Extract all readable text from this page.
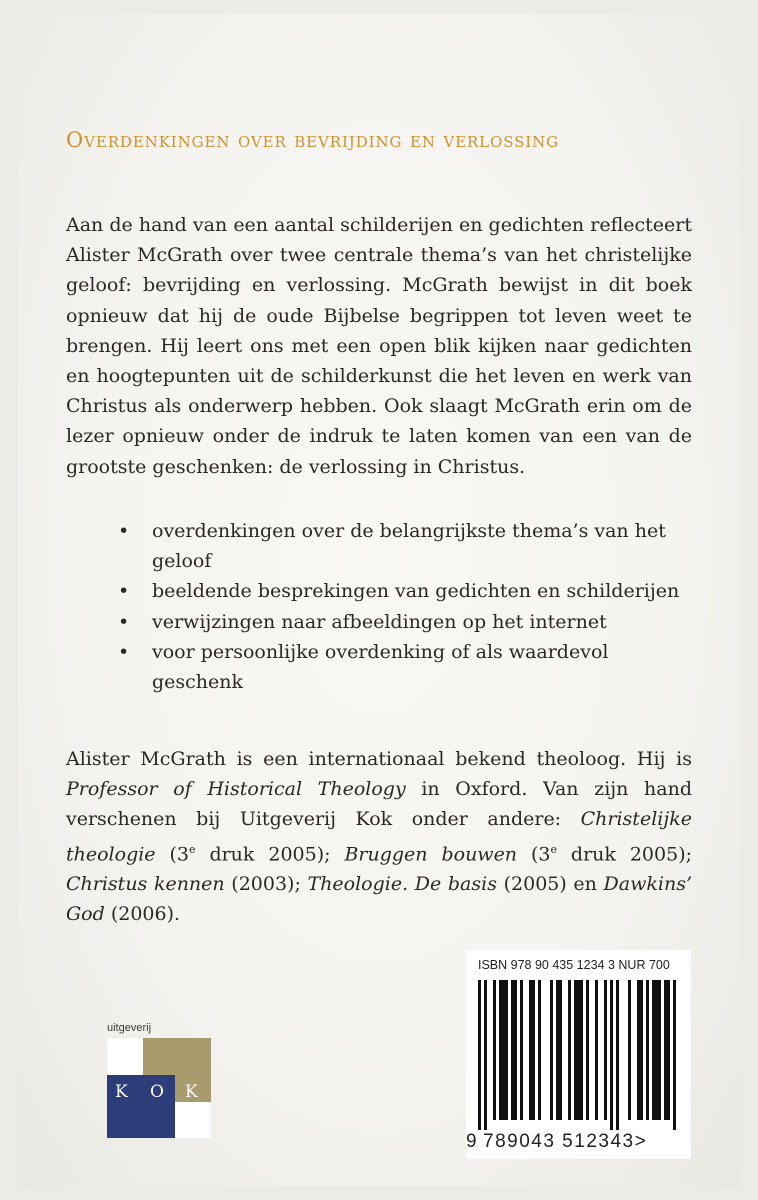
Overdenkingen over bevrijding en verlossing

Aan de hand van een aantal schilderijen en gedichten reflecteert Alister McGrath over twee centrale thema’s van het christelijke geloof: bevrijding en verlossing. McGrath bewijst in dit boek opnieuw dat hij de oude Bijbelse begrippen tot leven weet te brengen. Hij leert ons met een open blik kijken naar gedichten en hoogtepunten uit de schilderkunst die het leven en werk van Christus als onderwerp hebben. Ook slaagt McGrath erin om de lezer opnieuw onder de indruk te laten komen van een van de grootste geschenken: de verlossing in Christus.

• overdenkingen over de belangrijkste thema’s van het geloof
• beeldende besprekingen van gedichten en schilderijen
• verwijzingen naar afbeeldingen op het internet
• voor persoonlijke overdenking of als waardevol geschenk

Alister McGrath is een internationaal bekend theoloog. Hij is Professor of Historical Theology in Oxford. Van zijn hand verschenen bij Uitgeverij Kok onder andere: Christelijke theologie (3e druk 2005); Bruggen bouwen (3e druk 2005); Christus kennen (2003); Theologie. De basis (2005) en Dawkins’ God (2006).

ISBN 978 90 435 1234 3 NUR 700
9 789043 512343>
uitgeverij
K O K
